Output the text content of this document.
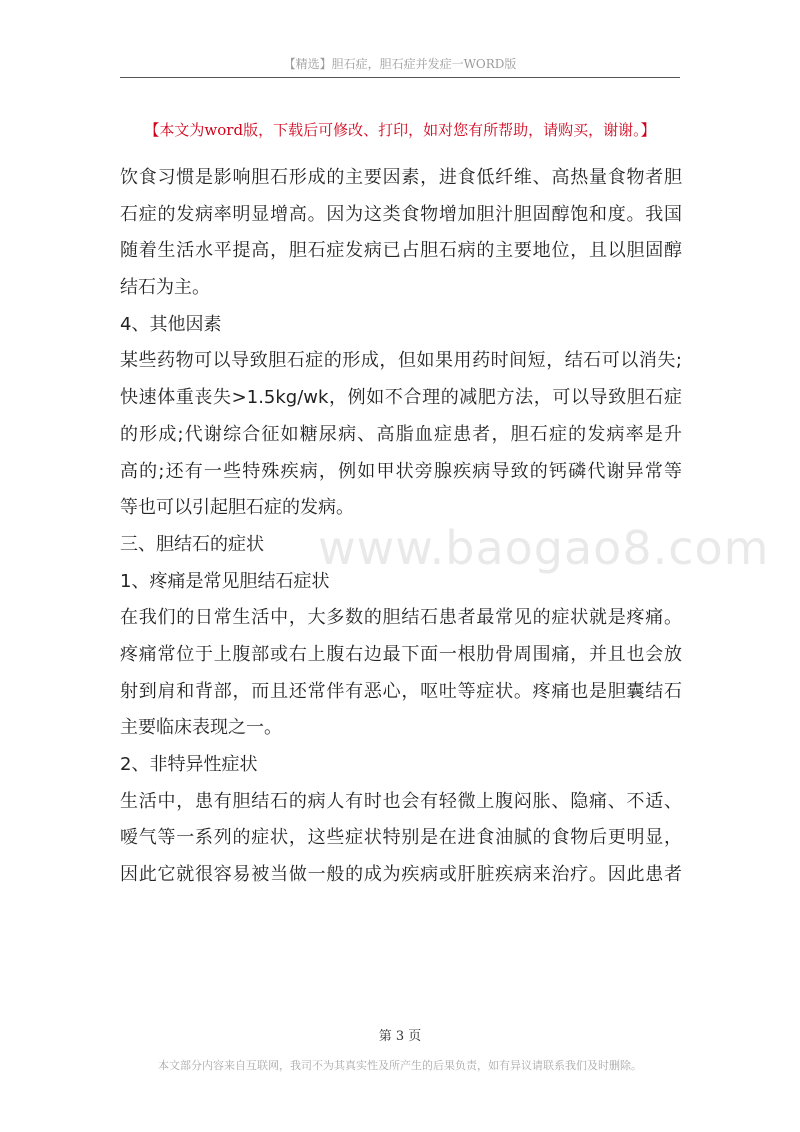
【精选】胆石症，胆石症并发症一WORD版
【本文为word版，下载后可修改、打印，如对您有所帮助，请购买，谢谢。】
www.baogao8.com
饮食习惯是影响胆石形成的主要因素，进食低纤维、高热量食物者胆
石症的发病率明显增高。因为这类食物增加胆汁胆固醇饱和度。我国
随着生活水平提高，胆石症发病已占胆石病的主要地位，且以胆固醇
结石为主。
4、其他因素
某些药物可以导致胆石症的形成，但如果用药时间短，结石可以消失;
快速体重丧失>1.5kg/wk，例如不合理的减肥方法，可以导致胆石症
的形成;代谢综合征如糖尿病、高脂血症患者，胆石症的发病率是升
高的;还有一些特殊疾病，例如甲状旁腺疾病导致的钙磷代谢异常等
等也可以引起胆石症的发病。
三、胆结石的症状
1、疼痛是常见胆结石症状
在我们的日常生活中，大多数的胆结石患者最常见的症状就是疼痛。
疼痛常位于上腹部或右上腹右边最下面一根肋骨周围痛，并且也会放
射到肩和背部，而且还常伴有恶心，呕吐等症状。疼痛也是胆囊结石
主要临床表现之一。
2、非特异性症状
生活中，患有胆结石的病人有时也会有轻微上腹闷胀、隐痛、不适、
嗳气等一系列的症状，这些症状特别是在进食油腻的食物后更明显，
因此它就很容易被当做一般的成为疾病或肝脏疾病来治疗。因此患者
第 3 页
本文部分内容来自互联网，我司不为其真实性及所产生的后果负责，如有异议请联系我们及时删除。
